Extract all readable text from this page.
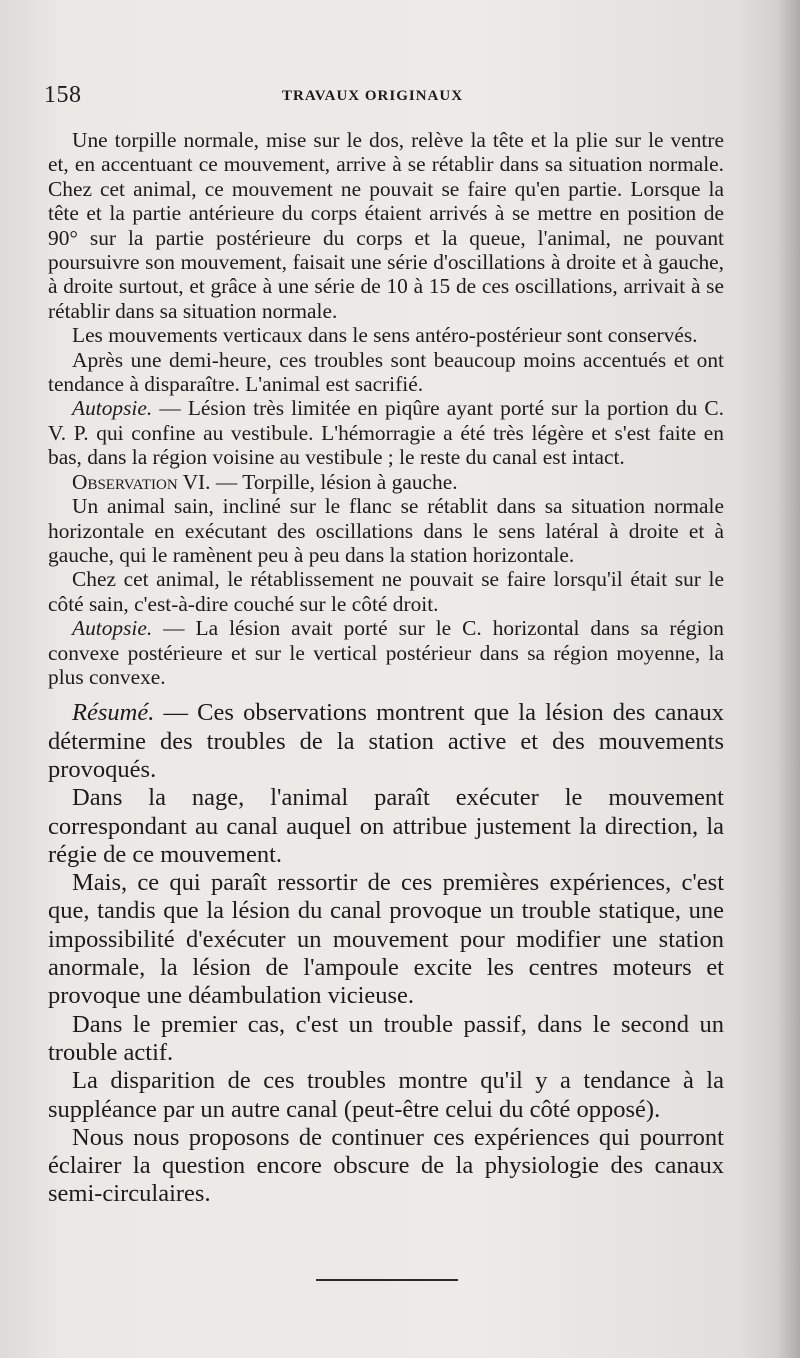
158	TRAVAUX ORIGINAUX

Une torpille normale, mise sur le dos, relève la tête et la plie sur le ventre et, en accentuant ce mouvement, arrive à se rétablir dans sa situation normale. Chez cet animal, ce mouvement ne pouvait se faire qu'en partie. Lorsque la tête et la partie antérieure du corps étaient arrivés à se mettre en position de 90° sur la partie postérieure du corps et la queue, l'animal, ne pouvant poursuivre son mouvement, faisait une série d'oscillations à droite et à gauche, à droite surtout, et grâce à une série de 10 à 15 de ces oscillations, arrivait à se rétablir dans sa situation normale.

Les mouvements verticaux dans le sens antéro-postérieur sont conservés.

Après une demi-heure, ces troubles sont beaucoup moins accentués et ont tendance à disparaître. L'animal est sacrifié.

Autopsie. — Lésion très limitée en piqûre ayant porté sur la portion du C. V. P. qui confine au vestibule. L'hémorragie a été très légère et s'est faite en bas, dans la région voisine au vestibule ; le reste du canal est intact.

Observation VI. — Torpille, lésion à gauche.

Un animal sain, incliné sur le flanc se rétablit dans sa situation normale horizontale en exécutant des oscillations dans le sens latéral à droite et à gauche, qui le ramènent peu à peu dans la station horizontale.

Chez cet animal, le rétablissement ne pouvait se faire lorsqu'il était sur le côté sain, c'est-à-dire couché sur le côté droit.

Autopsie. — La lésion avait porté sur le C. horizontal dans sa région convexe postérieure et sur le vertical postérieur dans sa région moyenne, la plus convexe.

Résumé. — Ces observations montrent que la lésion des canaux détermine des troubles de la station active et des mouvements provoqués.

Dans la nage, l'animal paraît exécuter le mouvement correspondant au canal auquel on attribue justement la direction, la régie de ce mouvement.

Mais, ce qui paraît ressortir de ces premières expériences, c'est que, tandis que la lésion du canal provoque un trouble statique, une impossibilité d'exécuter un mouvement pour modifier une station anormale, la lésion de l'ampoule excite les centres moteurs et provoque une déambulation vicieuse.

Dans le premier cas, c'est un trouble passif, dans le second un trouble actif.

La disparition de ces troubles montre qu'il y a tendance à la suppléance par un autre canal (peut-être celui du côté opposé).

Nous nous proposons de continuer ces expériences qui pourront éclairer la question encore obscure de la physiologie des canaux semi-circulaires.
